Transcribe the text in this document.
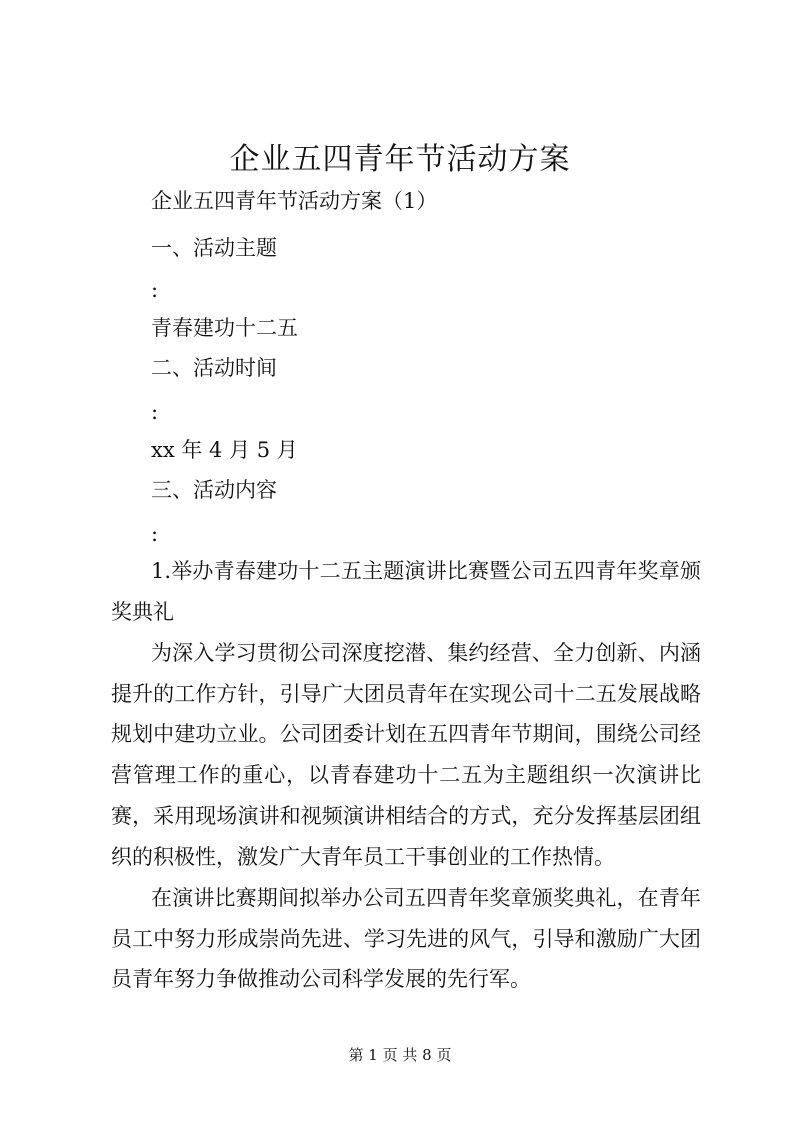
企业五四青年节活动方案

企业五四青年节活动方案（1）

一、活动主题

:

青春建功十二五

二、活动时间

:

xx 年 4 月 5 月

三、活动内容

:

1.举办青春建功十二五主题演讲比赛暨公司五四青年奖章颁奖典礼

为深入学习贯彻公司深度挖潜、集约经营、全力创新、内涵提升的工作方针，引导广大团员青年在实现公司十二五发展战略规划中建功立业。公司团委计划在五四青年节期间，围绕公司经营管理工作的重心，以青春建功十二五为主题组织一次演讲比赛，采用现场演讲和视频演讲相结合的方式，充分发挥基层团组织的积极性，激发广大青年员工干事创业的工作热情。

在演讲比赛期间拟举办公司五四青年奖章颁奖典礼，在青年员工中努力形成崇尚先进、学习先进的风气，引导和激励广大团员青年努力争做推动公司科学发展的先行军。

第 1 页 共 8 页
